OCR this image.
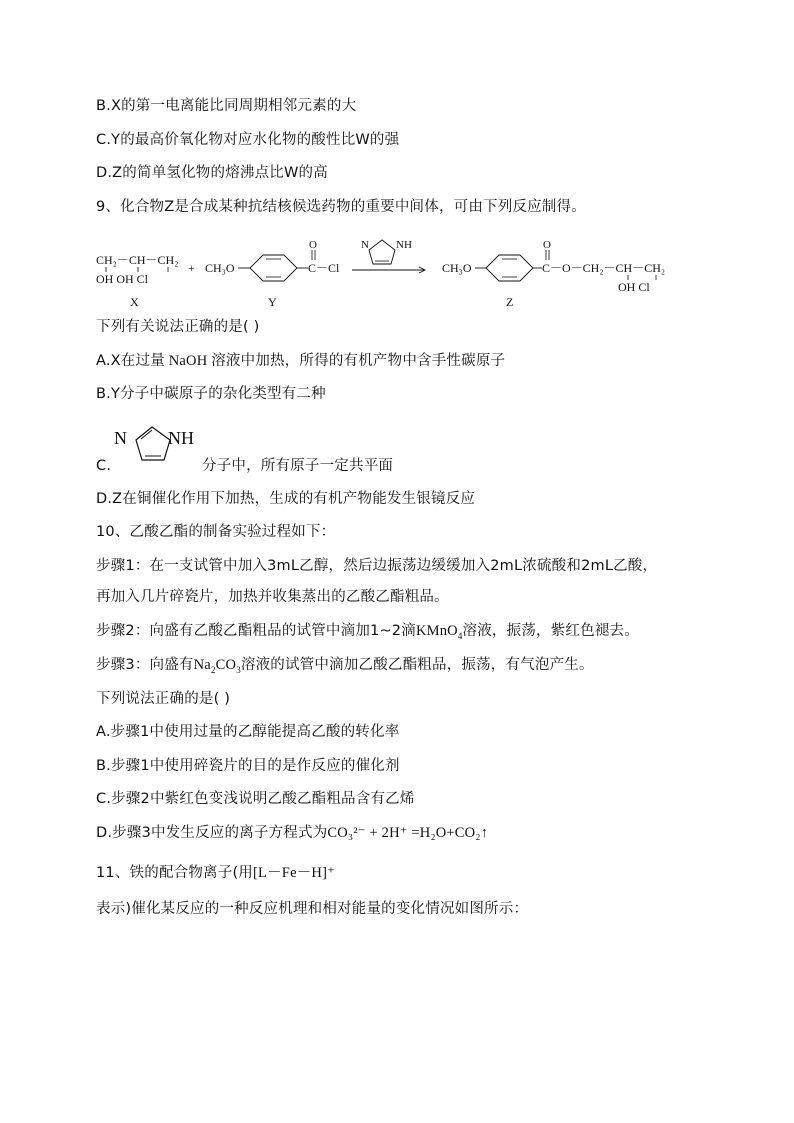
B.X的第一电离能比同周期相邻元素的大
C.Y的最高价氧化物对应水化物的酸性比W的强
D.Z的简单氢化物的熔沸点比W的高
9、化合物Z是合成某种抗结核候选药物的重要中间体，可由下列反应制得。
CH₂－CH－CH₂
OH OH Cl
X
+ CH₃O	C－Cl
O
Y
N NH
CH₃O	C－O－CH₂－CH－CH₂
O
OH Cl
Z
下列有关说法正确的是( )
A.X在过量 NaOH 溶液中加热，所得的有机产物中含手性碳原子
B.Y分子中碳原子的杂化类型有二种
N NH
C.	分子中，所有原子一定共平面
D.Z在铜催化作用下加热，生成的有机产物能发生银镜反应
10、乙酸乙酯的制备实验过程如下：
步骤1：在一支试管中加入3mL乙醇，然后边振荡边缓缓加入2mL浓硫酸和2mL乙酸，
再加入几片碎瓷片，加热并收集蒸出的乙酸乙酯粗品。
步骤2：向盛有乙酸乙酯粗品的试管中滴加1~2滴KMnO$_4$溶液，振荡，紫红色褪去。
步骤3：向盛有$Na_2CO_3$溶液的试管中滴加乙酸乙酯粗品，振荡，有气泡产生。
下列说法正确的是( )
A.步骤1中使用过量的乙醇能提高乙酸的转化率
B.步骤1中使用碎瓷片的目的是作反应的催化剂
C.步骤2中紫红色变浅说明乙酸乙酯粗品含有乙烯
D.步骤3中发生反应的离子方程式为CO₃²⁻ + 2H⁺ =H₂O+CO₂↑
11、铁的配合物离子(用[L－Fe－H]⁺
表示)催化某反应的一种反应机理和相对能量的变化情况如图所示：
